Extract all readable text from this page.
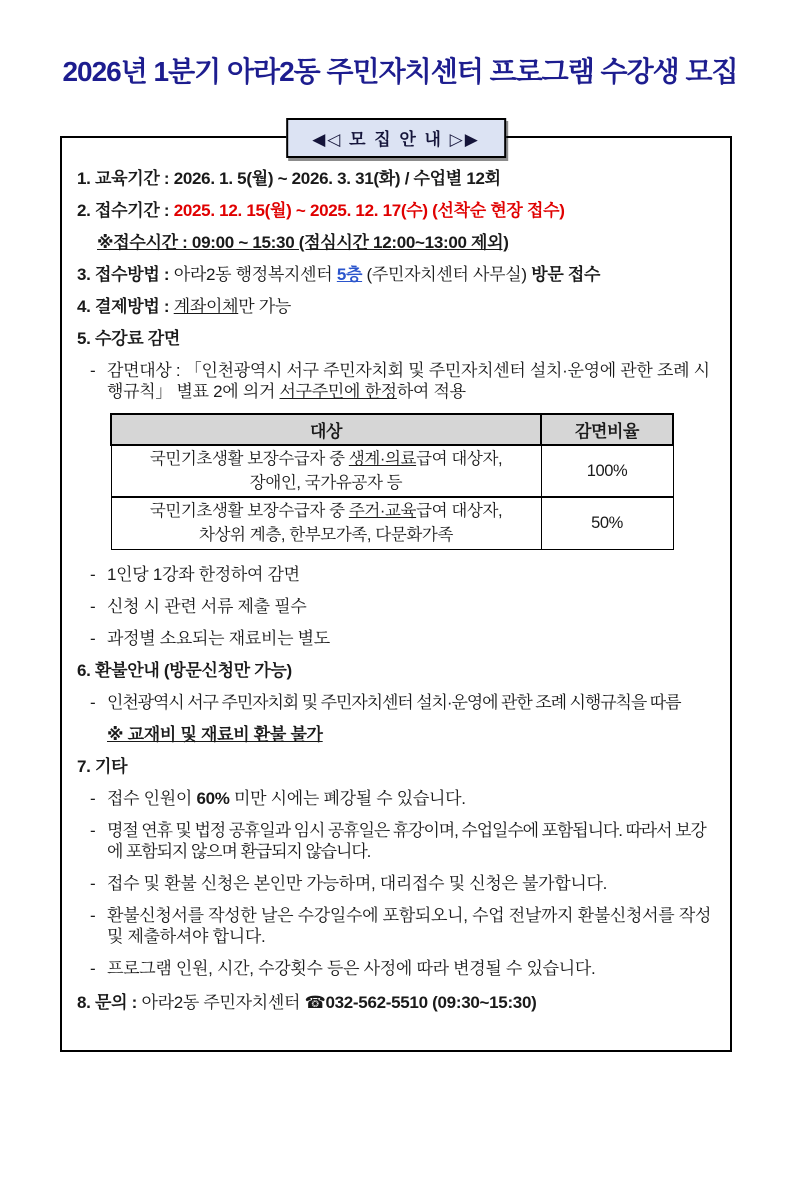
2026년 1분기 아라2동 주민자치센터 프로그램 수강생 모집
◀◁ 모 집 안 내 ▷▶
1. 교육기간 : 2026. 1. 5(월) ~ 2026. 3. 31(화) / 수업별 12회
2. 접수기간 : 2025. 12. 15(월) ~ 2025. 12. 17(수) (선착순 현장 접수)
※접수시간 : 09:00 ~ 15:30 (점심시간 12:00~13:00 제외)
3. 접수방법 : 아라2동 행정복지센터 5층 (주민자치센터 사무실) 방문 접수
4. 결제방법 : 계좌이체만 가능
5. 수강료 감면
- 감면대상 : 「인천광역시 서구 주민자치회 및 주민자치센터 설치·운영에 관한 조례 시행규칙」 별표 2에 의거 서구주민에 한정하여 적용
대상	감면비율

국민기초생활 보장수급자 중 생계·의료급여 대상자,
장애인, 국가유공자 등	100%

국민기초생활 보장수급자 중 주거·교육급여 대상자,
차상위 계층, 한부모가족, 다문화가족	50%
- 1인당 1강좌 한정하여 감면
- 신청 시 관련 서류 제출 필수
- 과정별 소요되는 재료비는 별도
6. 환불안내 (방문신청만 가능)
- 인천광역시 서구 주민자치회 및 주민자치센터 설치·운영에 관한 조례 시행규칙을 따름
※ 교재비 및 재료비 환불 불가
7. 기타
- 접수 인원이 60% 미만 시에는 폐강될 수 있습니다.
- 명절 연휴 및 법정 공휴일과 임시 공휴일은 휴강이며, 수업일수에 포함됩니다. 따라서 보강에 포함되지 않으며 환급되지 않습니다.
- 접수 및 환불 신청은 본인만 가능하며, 대리접수 및 신청은 불가합니다.
- 환불신청서를 작성한 날은 수강일수에 포함되오니, 수업 전날까지 환불신청서를 작성 및 제출하셔야 합니다.
- 프로그램 인원, 시간, 수강횟수 등은 사정에 따라 변경될 수 있습니다.
8. 문의 : 아라2동 주민자치센터 ☎032-562-5510 (09:30~15:30)
